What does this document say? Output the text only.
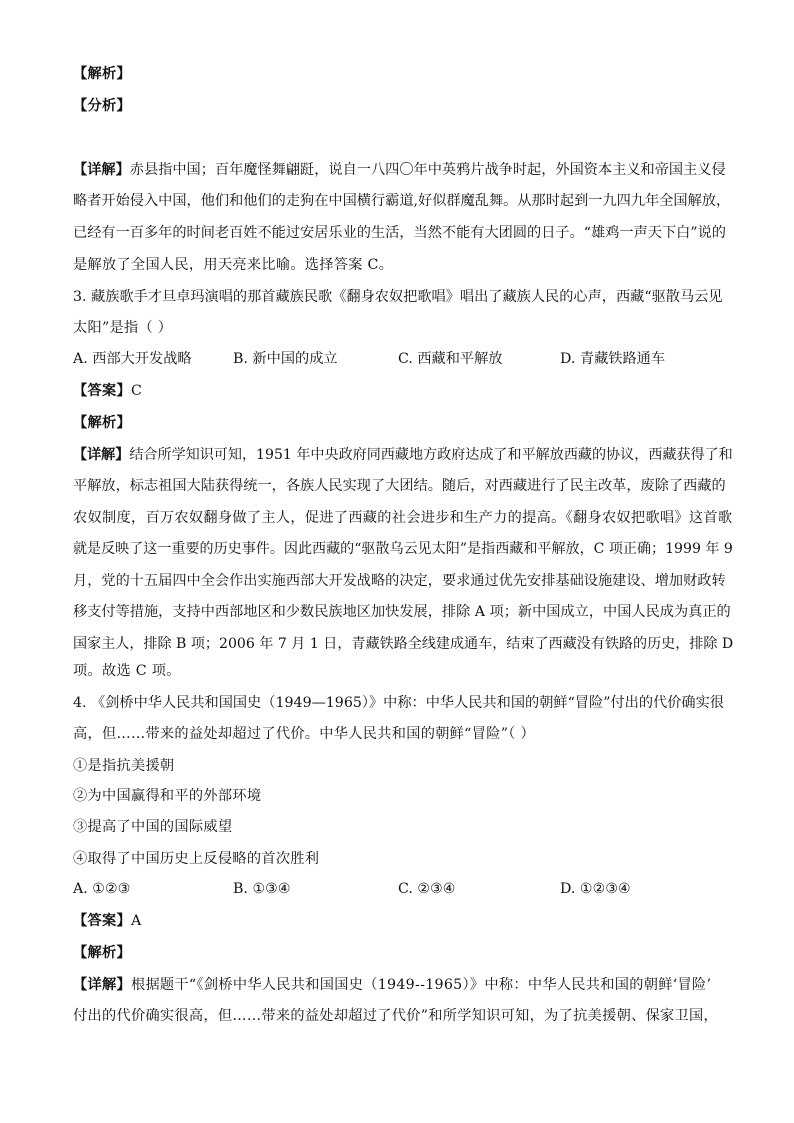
【解析】
【分析】
【详解】赤县指中国；百年魔怪舞翩跹，说自一八四〇年中英鸦片战争时起，外国资本主义和帝国主义侵
略者开始侵入中国，他们和他们的走狗在中国横行霸道,好似群魔乱舞。从那时起到一九四九年全国解放，
已经有一百多年的时间老百姓不能过安居乐业的生活，当然不能有大团圆的日子。“雄鸡一声天下白”说的
是解放了全国人民，用天亮来比喻。选择答案 C。
3. 藏族歌手才旦卓玛演唱的那首藏族民歌《翻身农奴把歌唱》唱出了藏族人民的心声，西藏“驱散马云见
太阳”是指（ ）
A. 西部大开发战略	B. 新中国的成立	C. 西藏和平解放	D. 青藏铁路通车
【答案】C
【解析】
【详解】结合所学知识可知，1951 年中央政府同西藏地方政府达成了和平解放西藏的协议，西藏获得了和
平解放，标志祖国大陆获得统一，各族人民实现了大团结。随后，对西藏进行了民主改革，废除了西藏的
农奴制度，百万农奴翻身做了主人，促进了西藏的社会进步和生产力的提高。《翻身农奴把歌唱》这首歌
就是反映了这一重要的历史事件。因此西藏的“驱散乌云见太阳”是指西藏和平解放，C 项正确；1999 年 9
月，党的十五届四中全会作出实施西部大开发战略的决定，要求通过优先安排基础设施建设、增加财政转
移支付等措施，支持中西部地区和少数民族地区加快发展，排除 A 项；新中国成立，中国人民成为真正的
国家主人，排除 B 项；2006 年 7 月 1 日，青藏铁路全线建成通车，结束了西藏没有铁路的历史，排除 D
项。故选 C 项。
4. 《剑桥中华人民共和国国史（1949—1965）》中称：中华人民共和国的朝鲜“冒险”付出的代价确实很
高，但……带来的益处却超过了代价。中华人民共和国的朝鲜“冒险”（ ）
①是指抗美援朝
②为中国赢得和平的外部环境
③提高了中国的国际威望
④取得了中国历史上反侵略的首次胜利
A. ①②③	B. ①③④	C. ②③④	D. ①②③④
【答案】A
【解析】
【详解】根据题干“《剑桥中华人民共和国国史（1949--1965）》中称：中华人民共和国的朝鲜‘冒险’
付出的代价确实很高，但……带来的益处却超过了代价”和所学知识可知，为了抗美援朝、保家卫国，
